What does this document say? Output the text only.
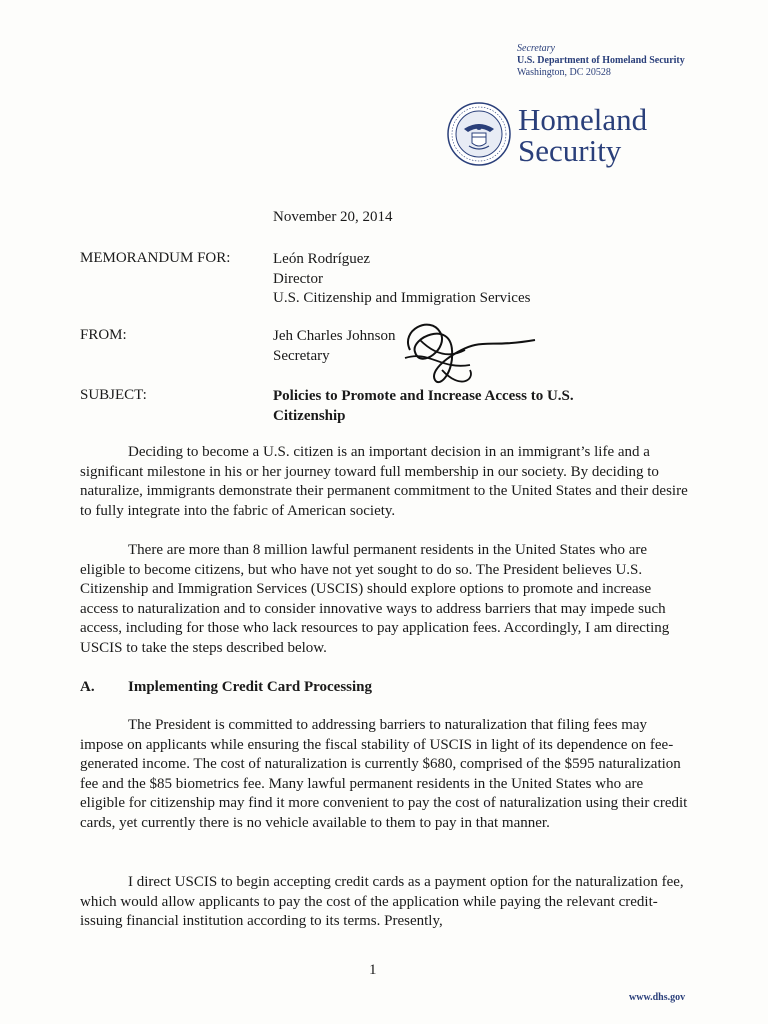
Secretary
U.S. Department of Homeland Security
Washington, DC 20528
Homeland
Security
November 20, 2014
MEMORANDUM FOR:	León Rodríguez
Director
U.S. Citizenship and Immigration Services
FROM:	Jeh Charles Johnson
Secretary
SUBJECT:	Policies to Promote and Increase Access to U.S.
Citizenship

Deciding to become a U.S. citizen is an important decision in an immigrant’s life and a significant milestone in his or her journey toward full membership in our society. By deciding to naturalize, immigrants demonstrate their permanent commitment to the United States and their desire to fully integrate into the fabric of American society.

There are more than 8 million lawful permanent residents in the United States who are eligible to become citizens, but who have not yet sought to do so. The President believes U.S. Citizenship and Immigration Services (USCIS) should explore options to promote and increase access to naturalization and to consider innovative ways to address barriers that may impede such access, including for those who lack resources to pay application fees. Accordingly, I am directing USCIS to take the steps described below.

A. Implementing Credit Card Processing

The President is committed to addressing barriers to naturalization that filing fees may impose on applicants while ensuring the fiscal stability of USCIS in light of its dependence on fee-generated income. The cost of naturalization is currently $680, comprised of the $595 naturalization fee and the $85 biometrics fee. Many lawful permanent residents in the United States who are eligible for citizenship may find it more convenient to pay the cost of naturalization using their credit cards, yet currently there is no vehicle available to them to pay in that manner.

I direct USCIS to begin accepting credit cards as a payment option for the naturalization fee, which would allow applicants to pay the cost of the application while paying the relevant credit-issuing financial institution according to its terms. Presently,

1
www.dhs.gov
